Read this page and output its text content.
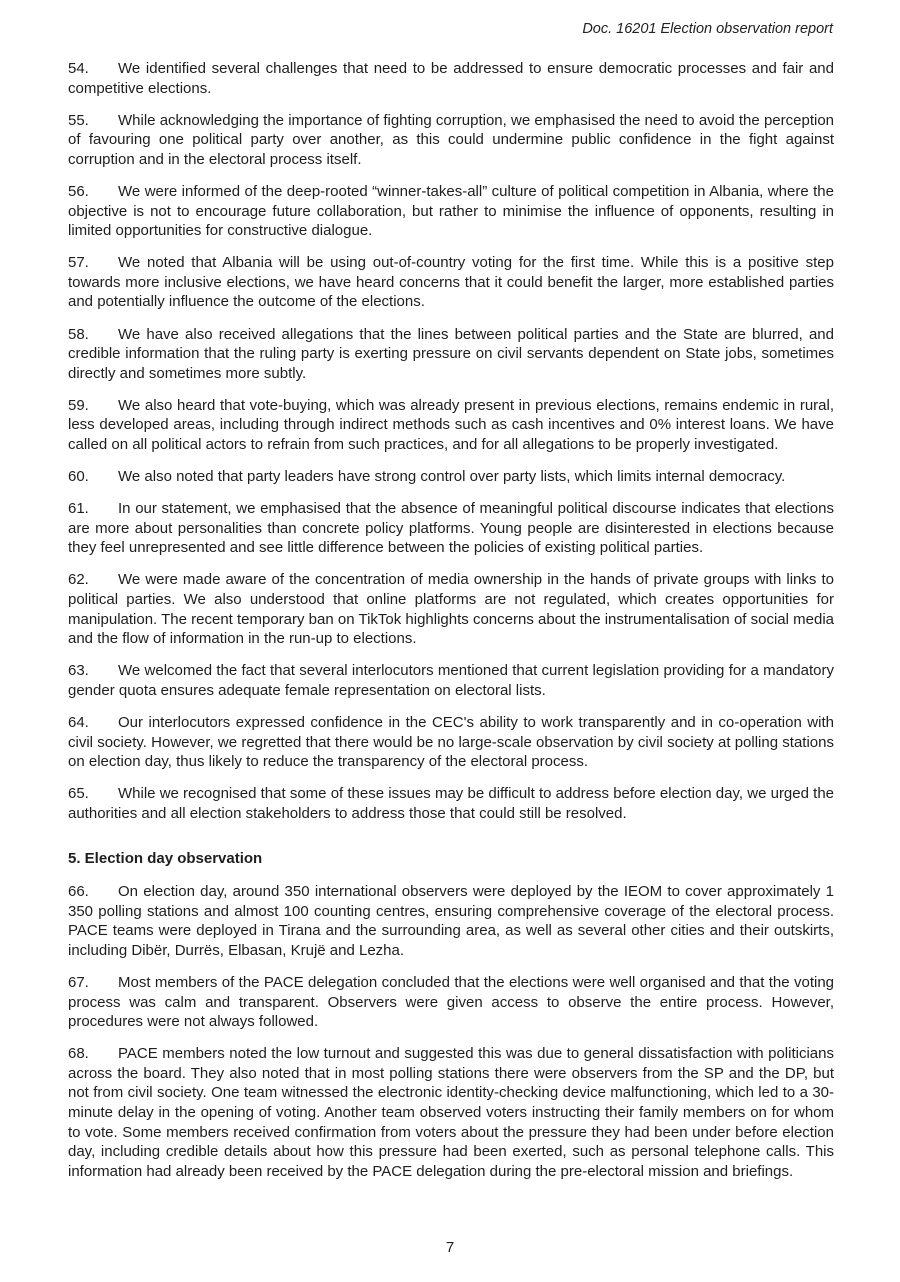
Doc. 16201 Election observation report

54. We identified several challenges that need to be addressed to ensure democratic processes and fair and competitive elections.

55. While acknowledging the importance of fighting corruption, we emphasised the need to avoid the perception of favouring one political party over another, as this could undermine public confidence in the fight against corruption and in the electoral process itself.

56. We were informed of the deep-rooted “winner-takes-all” culture of political competition in Albania, where the objective is not to encourage future collaboration, but rather to minimise the influence of opponents, resulting in limited opportunities for constructive dialogue.

57. We noted that Albania will be using out-of-country voting for the first time. While this is a positive step towards more inclusive elections, we have heard concerns that it could benefit the larger, more established parties and potentially influence the outcome of the elections.

58. We have also received allegations that the lines between political parties and the State are blurred, and credible information that the ruling party is exerting pressure on civil servants dependent on State jobs, sometimes directly and sometimes more subtly.

59. We also heard that vote-buying, which was already present in previous elections, remains endemic in rural, less developed areas, including through indirect methods such as cash incentives and 0% interest loans. We have called on all political actors to refrain from such practices, and for all allegations to be properly investigated.

60. We also noted that party leaders have strong control over party lists, which limits internal democracy.

61. In our statement, we emphasised that the absence of meaningful political discourse indicates that elections are more about personalities than concrete policy platforms. Young people are disinterested in elections because they feel unrepresented and see little difference between the policies of existing political parties.

62. We were made aware of the concentration of media ownership in the hands of private groups with links to political parties. We also understood that online platforms are not regulated, which creates opportunities for manipulation. The recent temporary ban on TikTok highlights concerns about the instrumentalisation of social media and the flow of information in the run-up to elections.

63. We welcomed the fact that several interlocutors mentioned that current legislation providing for a mandatory gender quota ensures adequate female representation on electoral lists.

64. Our interlocutors expressed confidence in the CEC's ability to work transparently and in co-operation with civil society. However, we regretted that there would be no large-scale observation by civil society at polling stations on election day, thus likely to reduce the transparency of the electoral process.

65. While we recognised that some of these issues may be difficult to address before election day, we urged the authorities and all election stakeholders to address those that could still be resolved.

5. Election day observation

66. On election day, around 350 international observers were deployed by the IEOM to cover approximately 1 350 polling stations and almost 100 counting centres, ensuring comprehensive coverage of the electoral process. PACE teams were deployed in Tirana and the surrounding area, as well as several other cities and their outskirts, including Dibër, Durrës, Elbasan, Krujë and Lezha.

67. Most members of the PACE delegation concluded that the elections were well organised and that the voting process was calm and transparent. Observers were given access to observe the entire process. However, procedures were not always followed.

68. PACE members noted the low turnout and suggested this was due to general dissatisfaction with politicians across the board. They also noted that in most polling stations there were observers from the SP and the DP, but not from civil society. One team witnessed the electronic identity-checking device malfunctioning, which led to a 30-minute delay in the opening of voting. Another team observed voters instructing their family members on for whom to vote. Some members received confirmation from voters about the pressure they had been under before election day, including credible details about how this pressure had been exerted, such as personal telephone calls. This information had already been received by the PACE delegation during the pre-electoral mission and briefings.

7
